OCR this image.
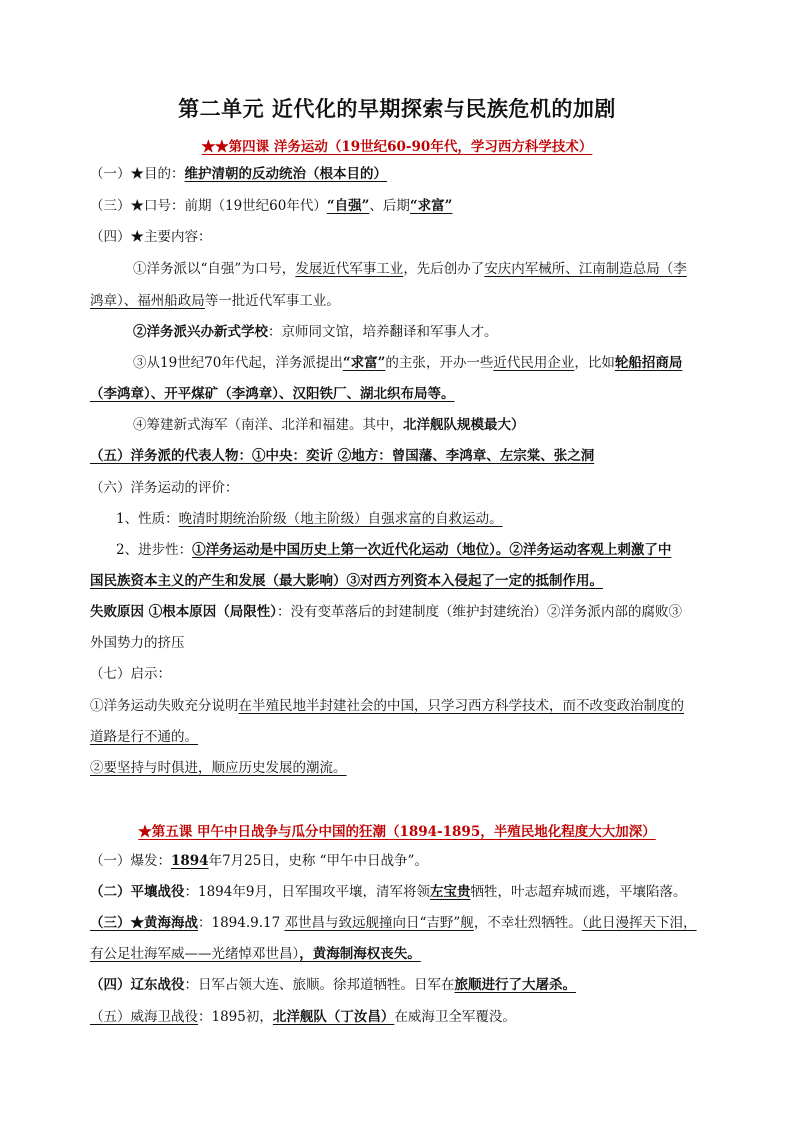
第二单元 近代化的早期探索与民族危机的加剧
★★第四课 洋务运动（19世纪60-90年代，学习西方科学技术）
（一）★目的：维护清朝的反动统治（根本目的）
（三）★口号：前期（19世纪60年代）“自强”、后期“求富”
（四）★主要内容：
①洋务派以“自强”为口号，发展近代军事工业，先后创办了安庆内军械所、江南制造总局（李
鸿章）、福州船政局等一批近代军事工业。
②洋务派兴办新式学校：京师同文馆，培养翻译和军事人才。
③从19世纪70年代起，洋务派提出“求富”的主张，开办一些近代民用企业，比如轮船招商局
（李鸿章）、开平煤矿（李鸿章）、汉阳铁厂、湖北织布局等。
④筹建新式海军（南洋、北洋和福建。其中，北洋舰队规模最大）
（五）洋务派的代表人物：①中央：奕䜣 ②地方：曾国藩、李鸿章、左宗棠、张之洞
（六）洋务运动的评价：
1、性质：晚清时期统治阶级（地主阶级）自强求富的自救运动。
2、进步性：①洋务运动是中国历史上第一次近代化运动（地位）。②洋务运动客观上刺激了中
国民族资本主义的产生和发展（最大影响）③对西方列资本入侵起了一定的抵制作用。
失败原因 ①根本原因（局限性）：没有变革落后的封建制度（维护封建统治）②洋务派内部的腐败③
外国势力的挤压
（七）启示：
①洋务运动失败充分说明在半殖民地半封建社会的中国，只学习西方科学技术，而不改变政治制度的
道路是行不通的。
②要坚持与时俱进，顺应历史发展的潮流。
★第五课 甲午中日战争与瓜分中国的狂潮（1894-1895，半殖民地化程度大大加深）
（一）爆发：1894年7月25日，史称 “甲午中日战争”。
（二）平壤战役：1894年9月，日军围攻平壤，清军将领左宝贵牺牲，叶志超弃城而逃，平壤陷落。
（三）★黄海海战：1894.9.17 邓世昌与致远舰撞向日“吉野”舰，不幸壮烈牺牲。（此日漫挥天下泪，
有公足壮海军威——光绪悼邓世昌），黄海制海权丧失。
（四）辽东战役：日军占领大连、旅顺。徐邦道牺牲。日军在旅顺进行了大屠杀。
（五）威海卫战役：1895初，北洋舰队（丁汝昌）在威海卫全军覆没。
